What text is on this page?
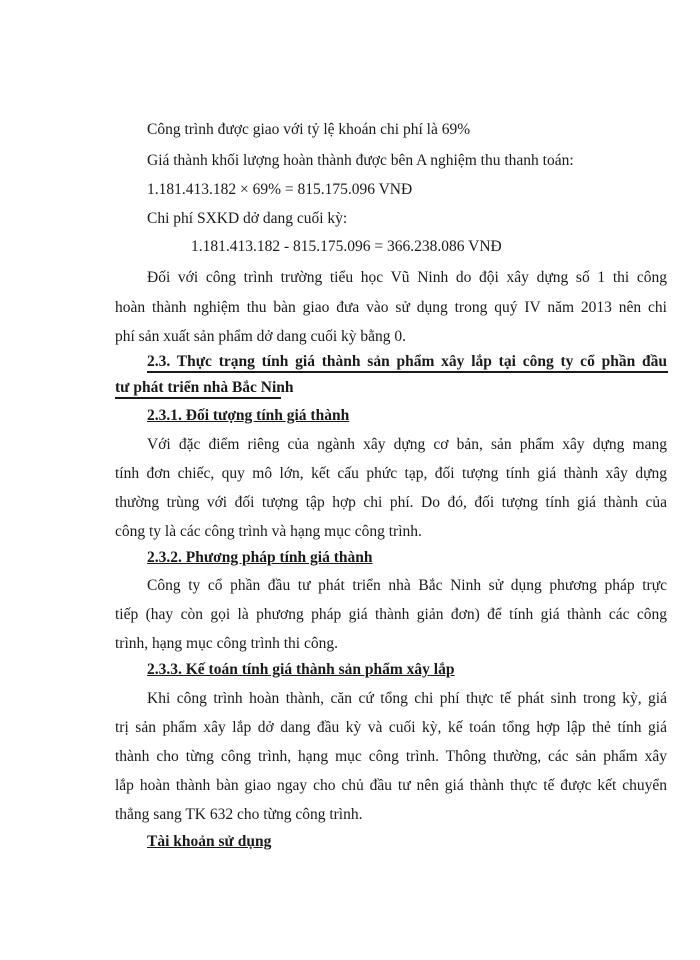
Công trình được giao với tỷ lệ khoán chi phí là 69%
Giá thành khối lượng hoàn thành được bên A nghiệm thu thanh toán:
1.181.413.182 × 69% = 815.175.096 VNĐ
Chi phí SXKD dở dang cuối kỳ:
1.181.413.182 - 815.175.096 = 366.238.086 VNĐ
Đối với công trình trường tiểu học Vũ Ninh do đội xây dựng số 1 thi công
hoàn thành nghiệm thu bàn giao đưa vào sử dụng trong quý IV năm 2013 nên chi
phí sản xuất sản phẩm dở dang cuối kỳ bằng 0.
2.3. Thực trạng tính giá thành sản phẩm xây lắp tại công ty cổ phần đầu
tư phát triển nhà Bắc Ninh
2.3.1. Đối tượng tính giá thành
Với đặc điểm riêng của ngành xây dựng cơ bản, sản phẩm xây dựng mang
tính đơn chiếc, quy mô lớn, kết cấu phức tạp, đối tượng tính giá thành xây dựng
thường trùng với đối tượng tập hợp chi phí. Do đó, đối tượng tính giá thành của
công ty là các công trình và hạng mục công trình.
2.3.2. Phương pháp tính giá thành
Công ty cổ phần đầu tư phát triển nhà Bắc Ninh sử dụng phương pháp trực
tiếp (hay còn gọi là phương pháp giá thành giản đơn) để tính giá thành các công
trình, hạng mục công trình thi công.
2.3.3. Kế toán tính giá thành sản phẩm xây lắp
Khi công trình hoàn thành, căn cứ tổng chi phí thực tế phát sinh trong kỳ, giá
trị sản phẩm xây lắp dở dang đầu kỳ và cuối kỳ, kế toán tổng hợp lập thẻ tính giá
thành cho từng công trình, hạng mục công trình. Thông thường, các sản phẩm xây
lắp hoàn thành bàn giao ngay cho chủ đầu tư nên giá thành thực tế được kết chuyển
thẳng sang TK 632 cho từng công trình.
Tài khoản sử dụng
